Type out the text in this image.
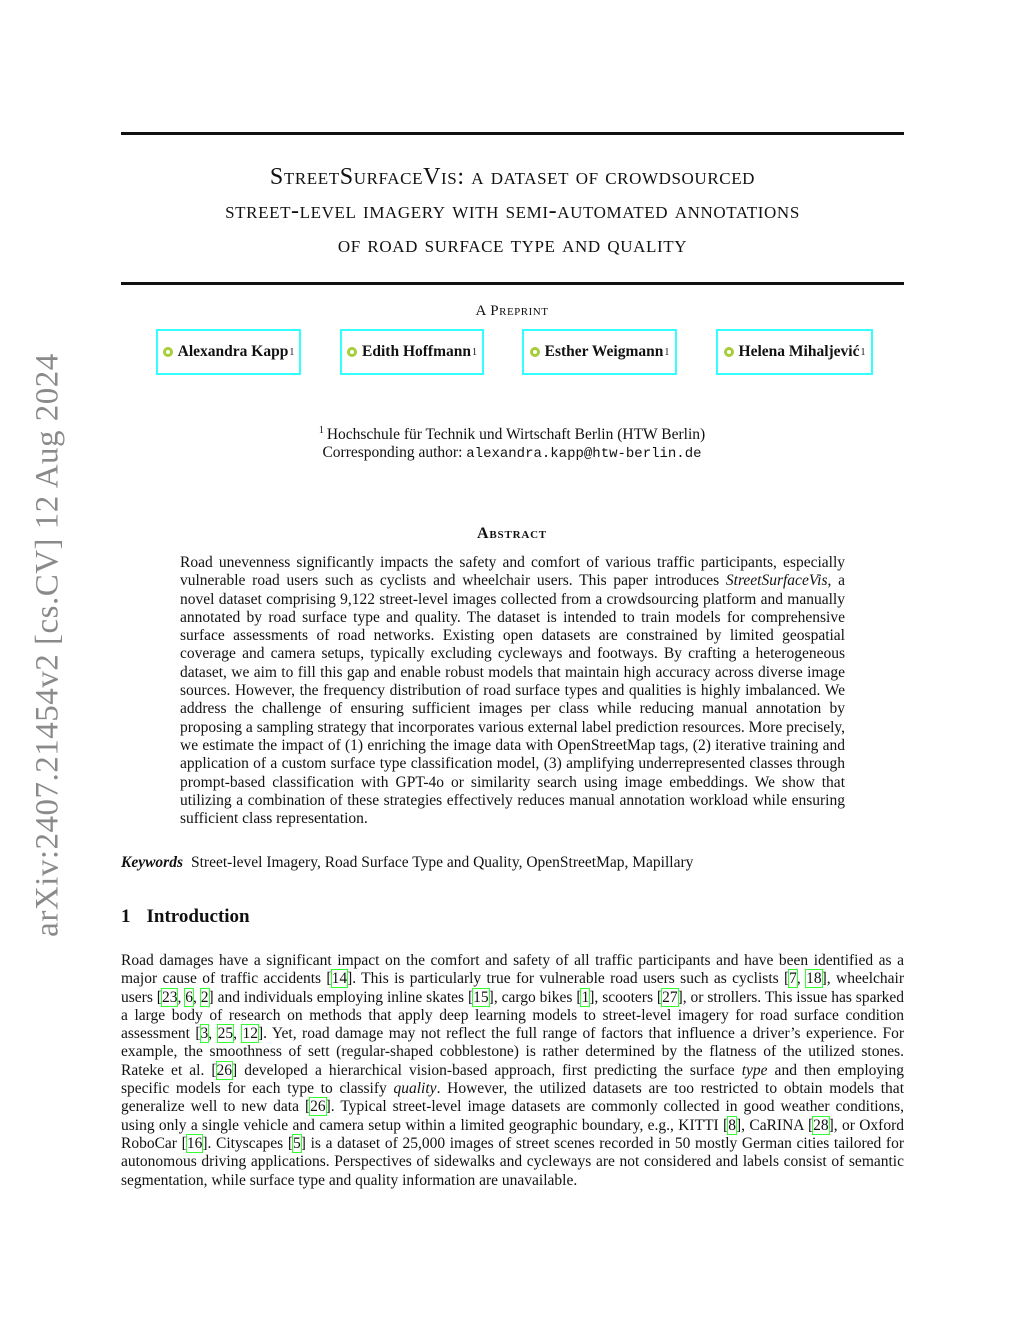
arXiv:2407.21454v2 [cs.CV] 12 Aug 2024

StreetSurfaceVis: a dataset of crowdsourced

street-level imagery with semi-automated annotations

of road surface type and quality

A Preprint
Alexandra Kapp 1	Edith Hoffmann 1	Esther Weigmann 1	Helena Mihaljević 1

$^1$ Hochschule für Technik und Wirtschaft Berlin (HTW Berlin)

Corresponding author: alexandra.kapp@htw-berlin.de

Abstract

Road unevenness significantly impacts the safety and comfort of various traffic participants, especially vulnerable road users such as cyclists and wheelchair users. This paper introduces StreetSurfaceVis, a novel dataset comprising 9,122 street-level images collected from a crowdsourcing platform and manually annotated by road surface type and quality. The dataset is intended to train models for comprehensive surface assessments of road networks. Existing open datasets are constrained by limited geospatial coverage and camera setups, typically excluding cycleways and footways. By crafting a heterogeneous dataset, we aim to fill this gap and enable robust models that maintain high accuracy across diverse image sources. However, the frequency distribution of road surface types and qualities is highly imbalanced. We address the challenge of ensuring sufficient images per class while reducing manual annotation by proposing a sampling strategy that incorporates various external label prediction resources. More precisely, we estimate the impact of (1) enriching the image data with OpenStreetMap tags, (2) iterative training and application of a custom surface type classification model, (3) amplifying underrepresented classes through prompt-based classification with GPT-4o or similarity search using image embeddings. We show that utilizing a combination of these strategies effectively reduces manual annotation workload while ensuring sufficient class representation.

Keywords Street-level Imagery, Road Surface Type and Quality, OpenStreetMap, Mapillary

1 Introduction

Road damages have a significant impact on the comfort and safety of all traffic participants and have been identified as a major cause of traffic accidents [14]. This is particularly true for vulnerable road users such as cyclists [7, 18], wheelchair users [23, 6, 2] and individuals employing inline skates [15], cargo bikes [1], scooters [27], or strollers. This issue has sparked a large body of research on methods that apply deep learning models to street-level imagery for road surface condition assessment [3, 25, 12]. Yet, road damage may not reflect the full range of factors that influence a driver’s experience. For example, the smoothness of sett (regular-shaped cobblestone) is rather determined by the flatness of the utilized stones. Rateke et al. [26] developed a hierarchical vision-based approach, first predicting the surface type and then employing specific models for each type to classify quality. However, the utilized datasets are too restricted to obtain models that generalize well to new data [26]. Typical street-level image datasets are commonly collected in good weather conditions, using only a single vehicle and camera setup within a limited geographic boundary, e.g., KITTI [8], CaRINA [28], or Oxford RoboCar [16]. Cityscapes [5] is a dataset of 25,000 images of street scenes recorded in 50 mostly German cities tailored for autonomous driving applications. Perspectives of sidewalks and cycleways are not considered and labels consist of semantic segmentation, while surface type and quality information are unavailable.
